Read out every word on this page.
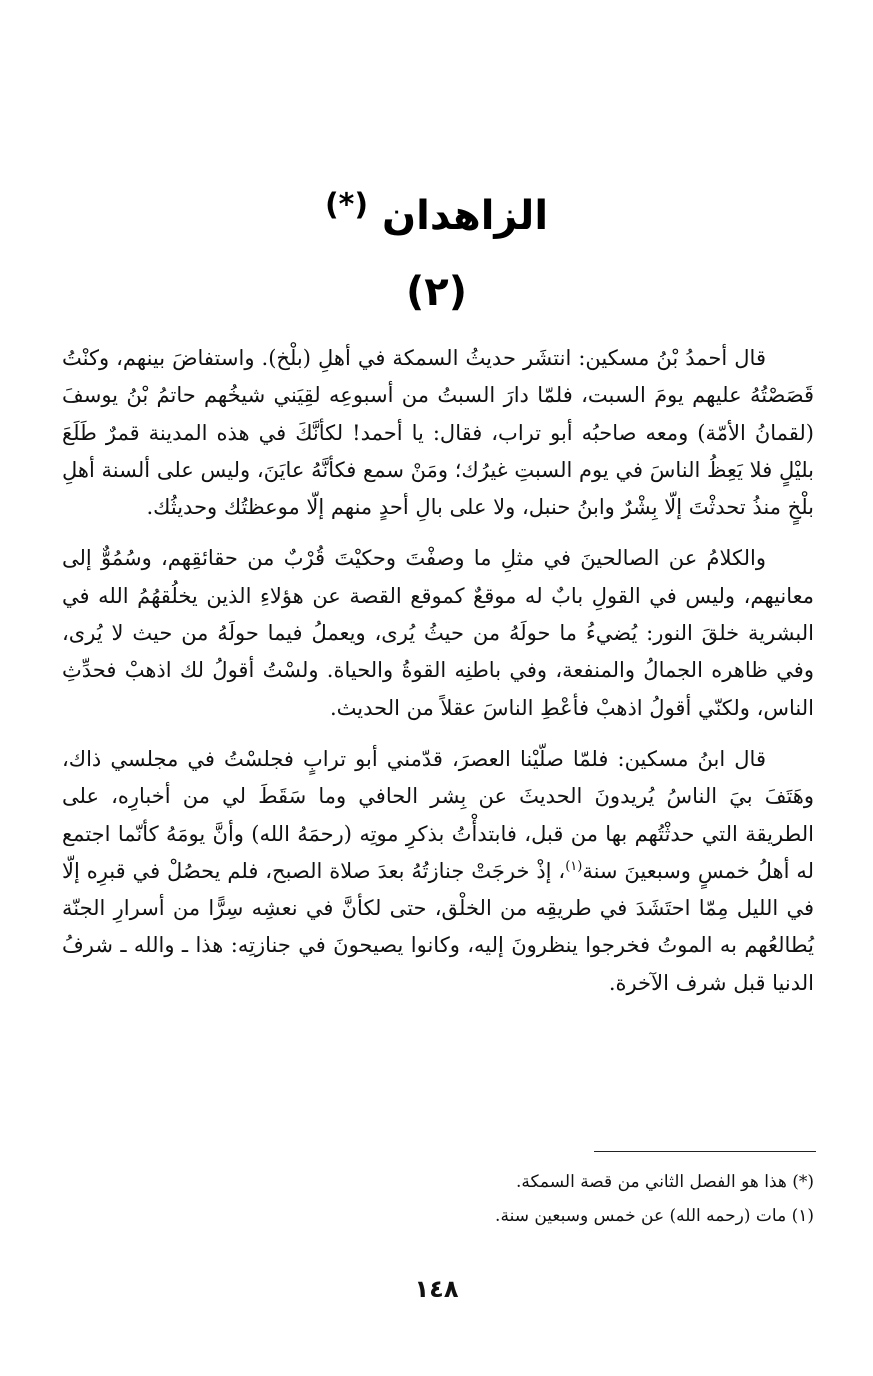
الزاهدان (*)
(٢)

قال أحمدُ بْنُ مسكين: انتشَر حديثُ السمكة في أهلِ (بلْخ). واستفاضَ بينهم، وكنْتُ قَصَصْتُهُ عليهم يومَ السبت، فلمّا دارَ السبتُ من أسبوعِه لقِيَني شيخُهم حاتمُ بْنُ يوسفَ (لقمانُ الأمّة) ومعه صاحبُه أبو تراب، فقال: يا أحمد! لكأنَّكَ في هذه المدينة قمرٌ طَلَعَ بليْلٍ فلا يَعِظُ الناسَ في يوم السبتِ غيرُك؛ ومَنْ سمع فكأنَّهُ عايَنَ، وليس على ألسنة أهلِ بلْخٍ منذُ تحدثْتَ إلّا بِشْرٌ وابنُ حنبل، ولا على بالِ أحدٍ منهم إلّا موعظتُك وحديثُك.

والكلامُ عن الصالحينَ في مثلِ ما وصفْتَ وحكيْتَ قُرْبٌ من حقائقِهم، وسُمُوٌّ إلى معانيهم، وليس في القولِ بابٌ له موقعٌ كموقع القصة عن هؤلاءِ الذين يخلُقهُمُ الله في البشرية خلقَ النور: يُضيءُ ما حولَهُ من حيثُ يُرى، ويعملُ فيما حولَهُ من حيث لا يُرى، وفي ظاهره الجمالُ والمنفعة، وفي باطنِه القوةُ والحياة. ولسْتُ أقولُ لك اذهبْ فحدِّثِ الناس، ولكنّي أقولُ اذهبْ فأعْطِ الناسَ عقلاً من الحديث.

قال ابنُ مسكين: فلمّا صلّيْنا العصرَ، قدّمني أبو ترابٍ فجلسْتُ في مجلسي ذاك، وهَتَفَ بيَ الناسُ يُريدونَ الحديثَ عن بِشر الحافي وما سَقَطَ لي من أخبارِه، على الطريقة التي حدثْتُهم بها من قبل، فابتدأْتُ بذكرِ موتِه (رحمَهُ الله) وأنَّ يومَهُ كأنّما اجتمع له أهلُ خمسٍ وسبعينَ سنة$^{(١)}$، إذْ خرجَتْ جنازتُهُ بعدَ صلاة الصبح، فلم يحصُلْ في قبرِه إلّا في الليل مِمّا احتَشَدَ في طريقِه من الخلْق، حتى لكأنَّ في نعشِه سِرًّا من أسرارِ الجنّة يُطالعُهم به الموتُ فخرجوا ينظرونَ إليه، وكانوا يصيحونَ في جنازتِه: هذا ـ والله ـ شرفُ الدنيا قبل شرف الآخرة.

(*) هذا هو الفصل الثاني من قصة السمكة.
(١) مات (رحمه الله) عن خمس وسبعين سنة.
١٤٨
